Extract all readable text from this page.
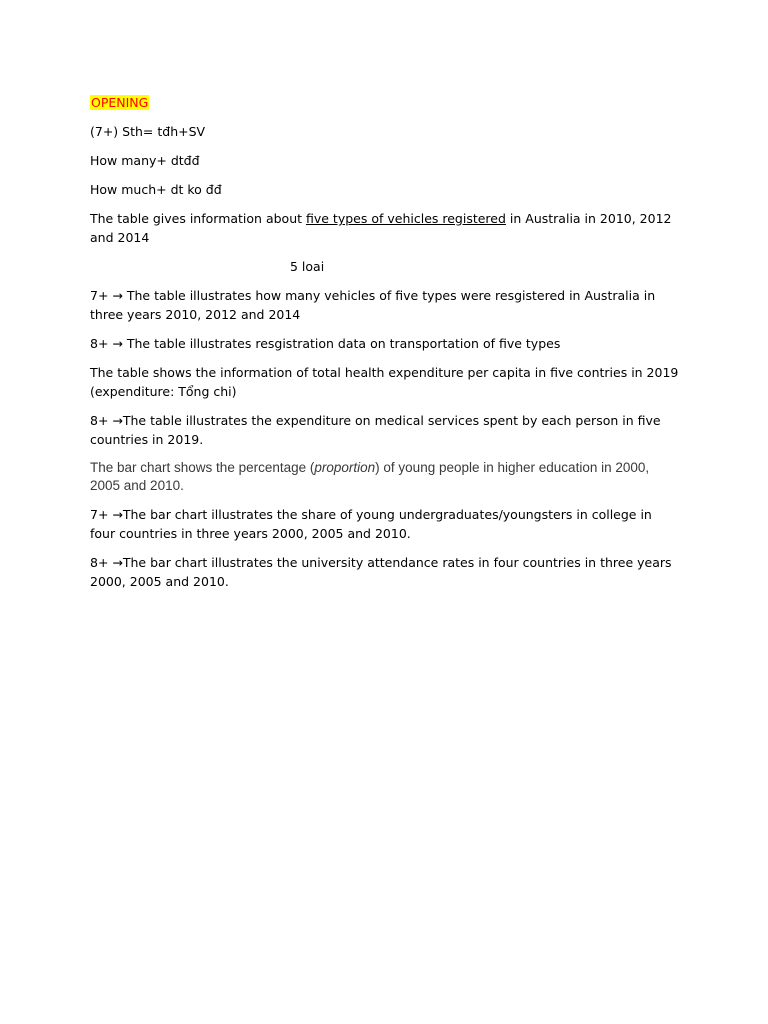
OPENING
(7+) Sth= tđh+SV
How many+ dtđđ
How much+ dt ko đđ
The table gives information about five types of vehicles registered in Australia in 2010, 2012 and 2014
5 loai
7+ → The table illustrates how many vehicles of five types were resgistered in Australia in three years 2010, 2012 and 2014
8+ → The table illustrates resgistration data on transportation of five types
The table shows the information of total health expenditure per capita in five contries in 2019 (expenditure: Tổng chi)
8+ →The table illustrates the expenditure on medical services spent by each person in five countries in 2019.
The bar chart shows the percentage (proportion) of young people in higher education in 2000, 2005 and 2010.
7+ →The bar chart illustrates the share of young undergraduates/youngsters in college in four countries in three years 2000, 2005 and 2010.
8+ →The bar chart illustrates the university attendance rates in four countries in three years 2000, 2005 and 2010.
